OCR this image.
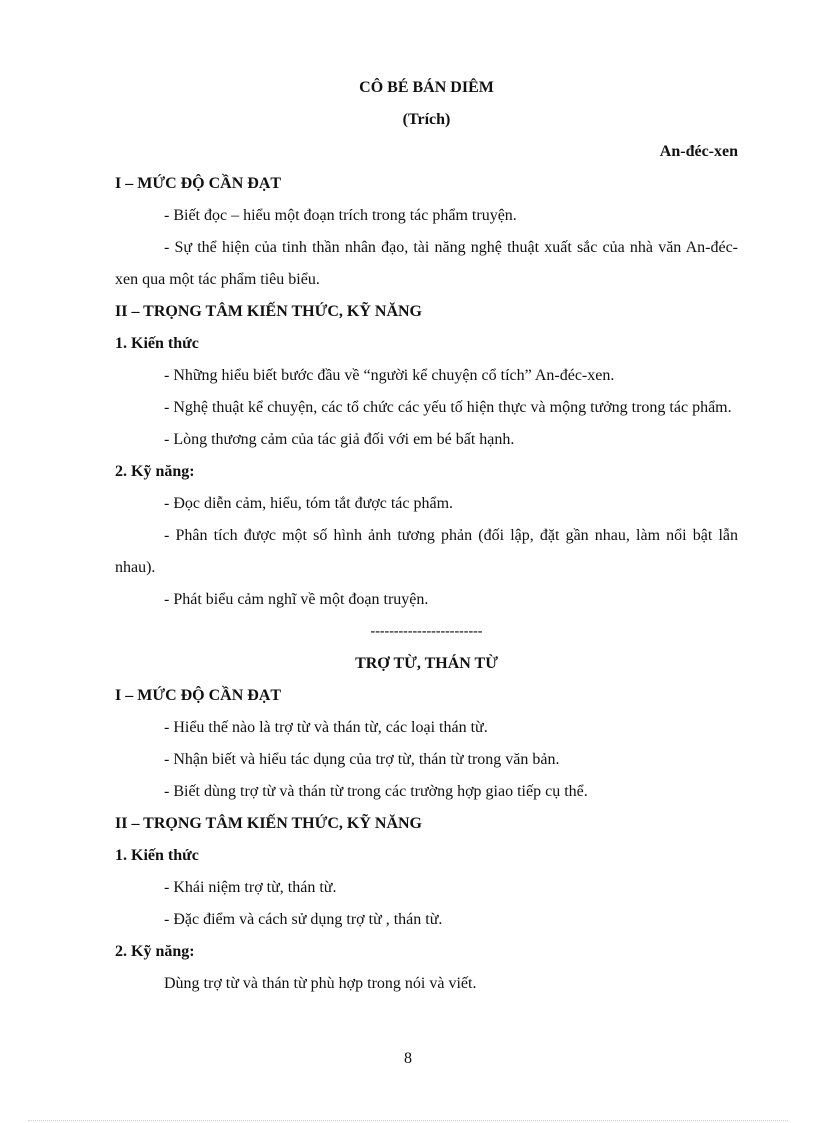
CÔ BÉ BÁN DIÊM
(Trích)
An-đéc-xen
I – MỨC ĐỘ CẦN ĐẠT
- Biết đọc – hiểu một đoạn trích trong tác phẩm truyện.
- Sự thể hiện của tinh thần nhân đạo, tài năng nghệ thuật xuất sắc của nhà văn An-đéc-xen qua một tác phẩm tiêu biểu.
II – TRỌNG TÂM KIẾN THỨC, KỸ NĂNG
1. Kiến thức
- Những hiểu biết bước đầu về “người kể chuyện cổ tích” An-đéc-xen.
- Nghệ thuật kể chuyện, các tổ chức các yếu tố hiện thực và mộng tưởng trong tác phẩm.
- Lòng thương cảm của tác giả đối với em bé bất hạnh.
2. Kỹ năng:
- Đọc diễn cảm, hiểu, tóm tắt được tác phẩm.
- Phân tích được một số hình ảnh tương phản (đối lập, đặt gần nhau, làm nổi bật lẫn nhau).
- Phát biểu cảm nghĩ về một đoạn truyện.
------------------------
TRỢ TỪ, THÁN TỪ
I – MỨC ĐỘ CẦN ĐẠT
- Hiểu thế nào là trợ từ và thán từ, các loại thán từ.
- Nhận biết và hiểu tác dụng của trợ từ, thán từ trong văn bản.
- Biết dùng trợ từ và thán từ trong các trường hợp giao tiếp cụ thể.
II – TRỌNG TÂM KIẾN THỨC, KỸ NĂNG
1. Kiến thức
- Khái niệm trợ từ, thán từ.
- Đặc điểm và cách sử dụng trợ từ , thán từ.
2. Kỹ năng:
Dùng trợ từ và thán từ phù hợp trong nói và viết.
8
